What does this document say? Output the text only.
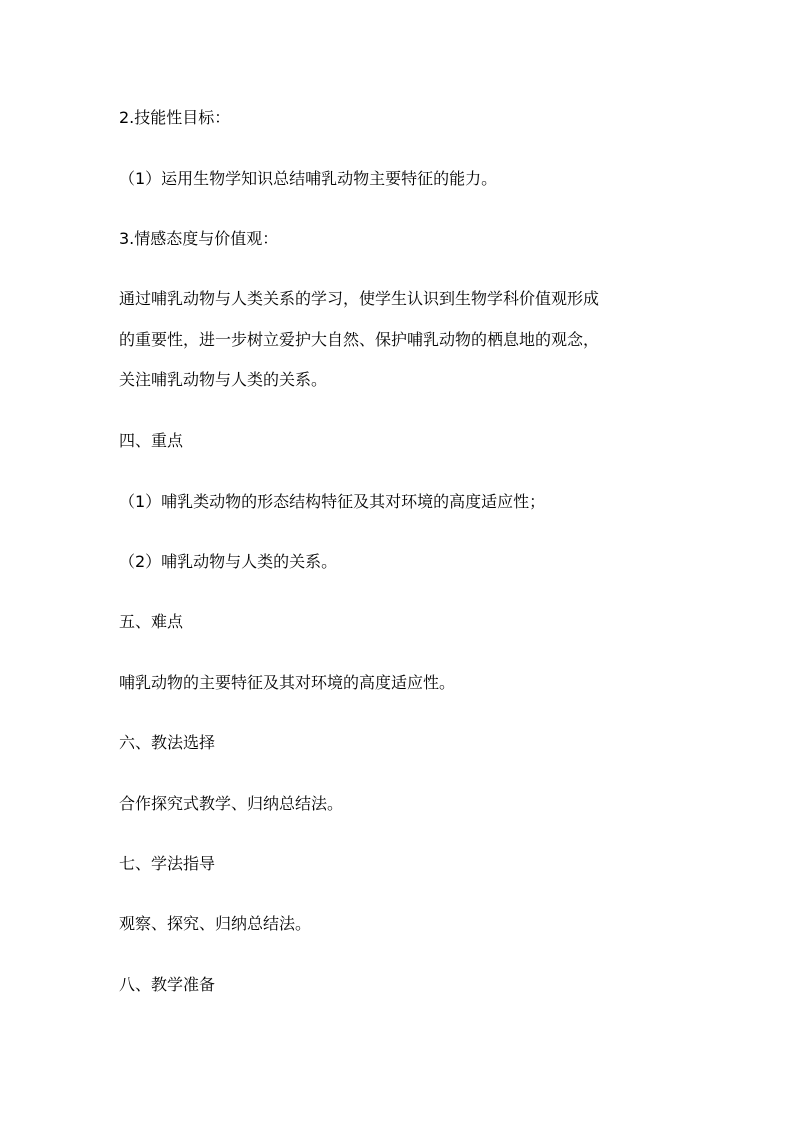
2.技能性目标：

（1）运用生物学知识总结哺乳动物主要特征的能力。

3.情感态度与价值观：

通过哺乳动物与人类关系的学习，使学生认识到生物学科价值观形成

的重要性，进一步树立爱护大自然、保护哺乳动物的栖息地的观念，

关注哺乳动物与人类的关系。

四、重点

（1）哺乳类动物的形态结构特征及其对环境的高度适应性；

（2）哺乳动物与人类的关系。

五、难点

哺乳动物的主要特征及其对环境的高度适应性。

六、教法选择

合作探究式教学、归纳总结法。

七、学法指导

观察、探究、归纳总结法。

八、教学准备
